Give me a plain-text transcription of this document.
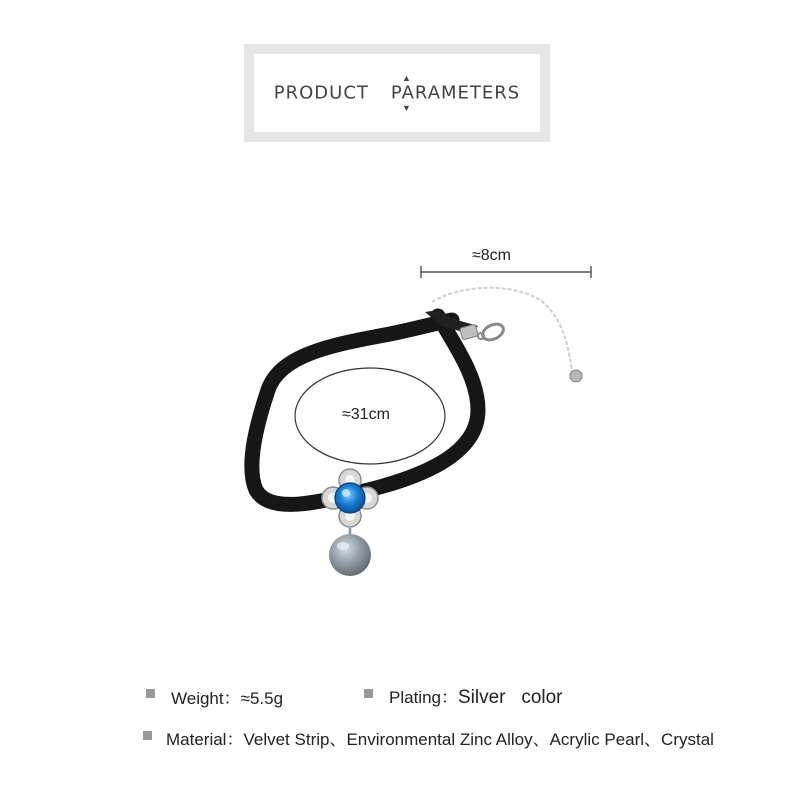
▲
PRODUCT PARAMETERS
▼
≈8cm
≈31cm
Weight：≈5.5g	Plating：Silver   color
Material：Velvet Strip、Environmental Zinc Alloy、Acrylic Pearl、Crystal
